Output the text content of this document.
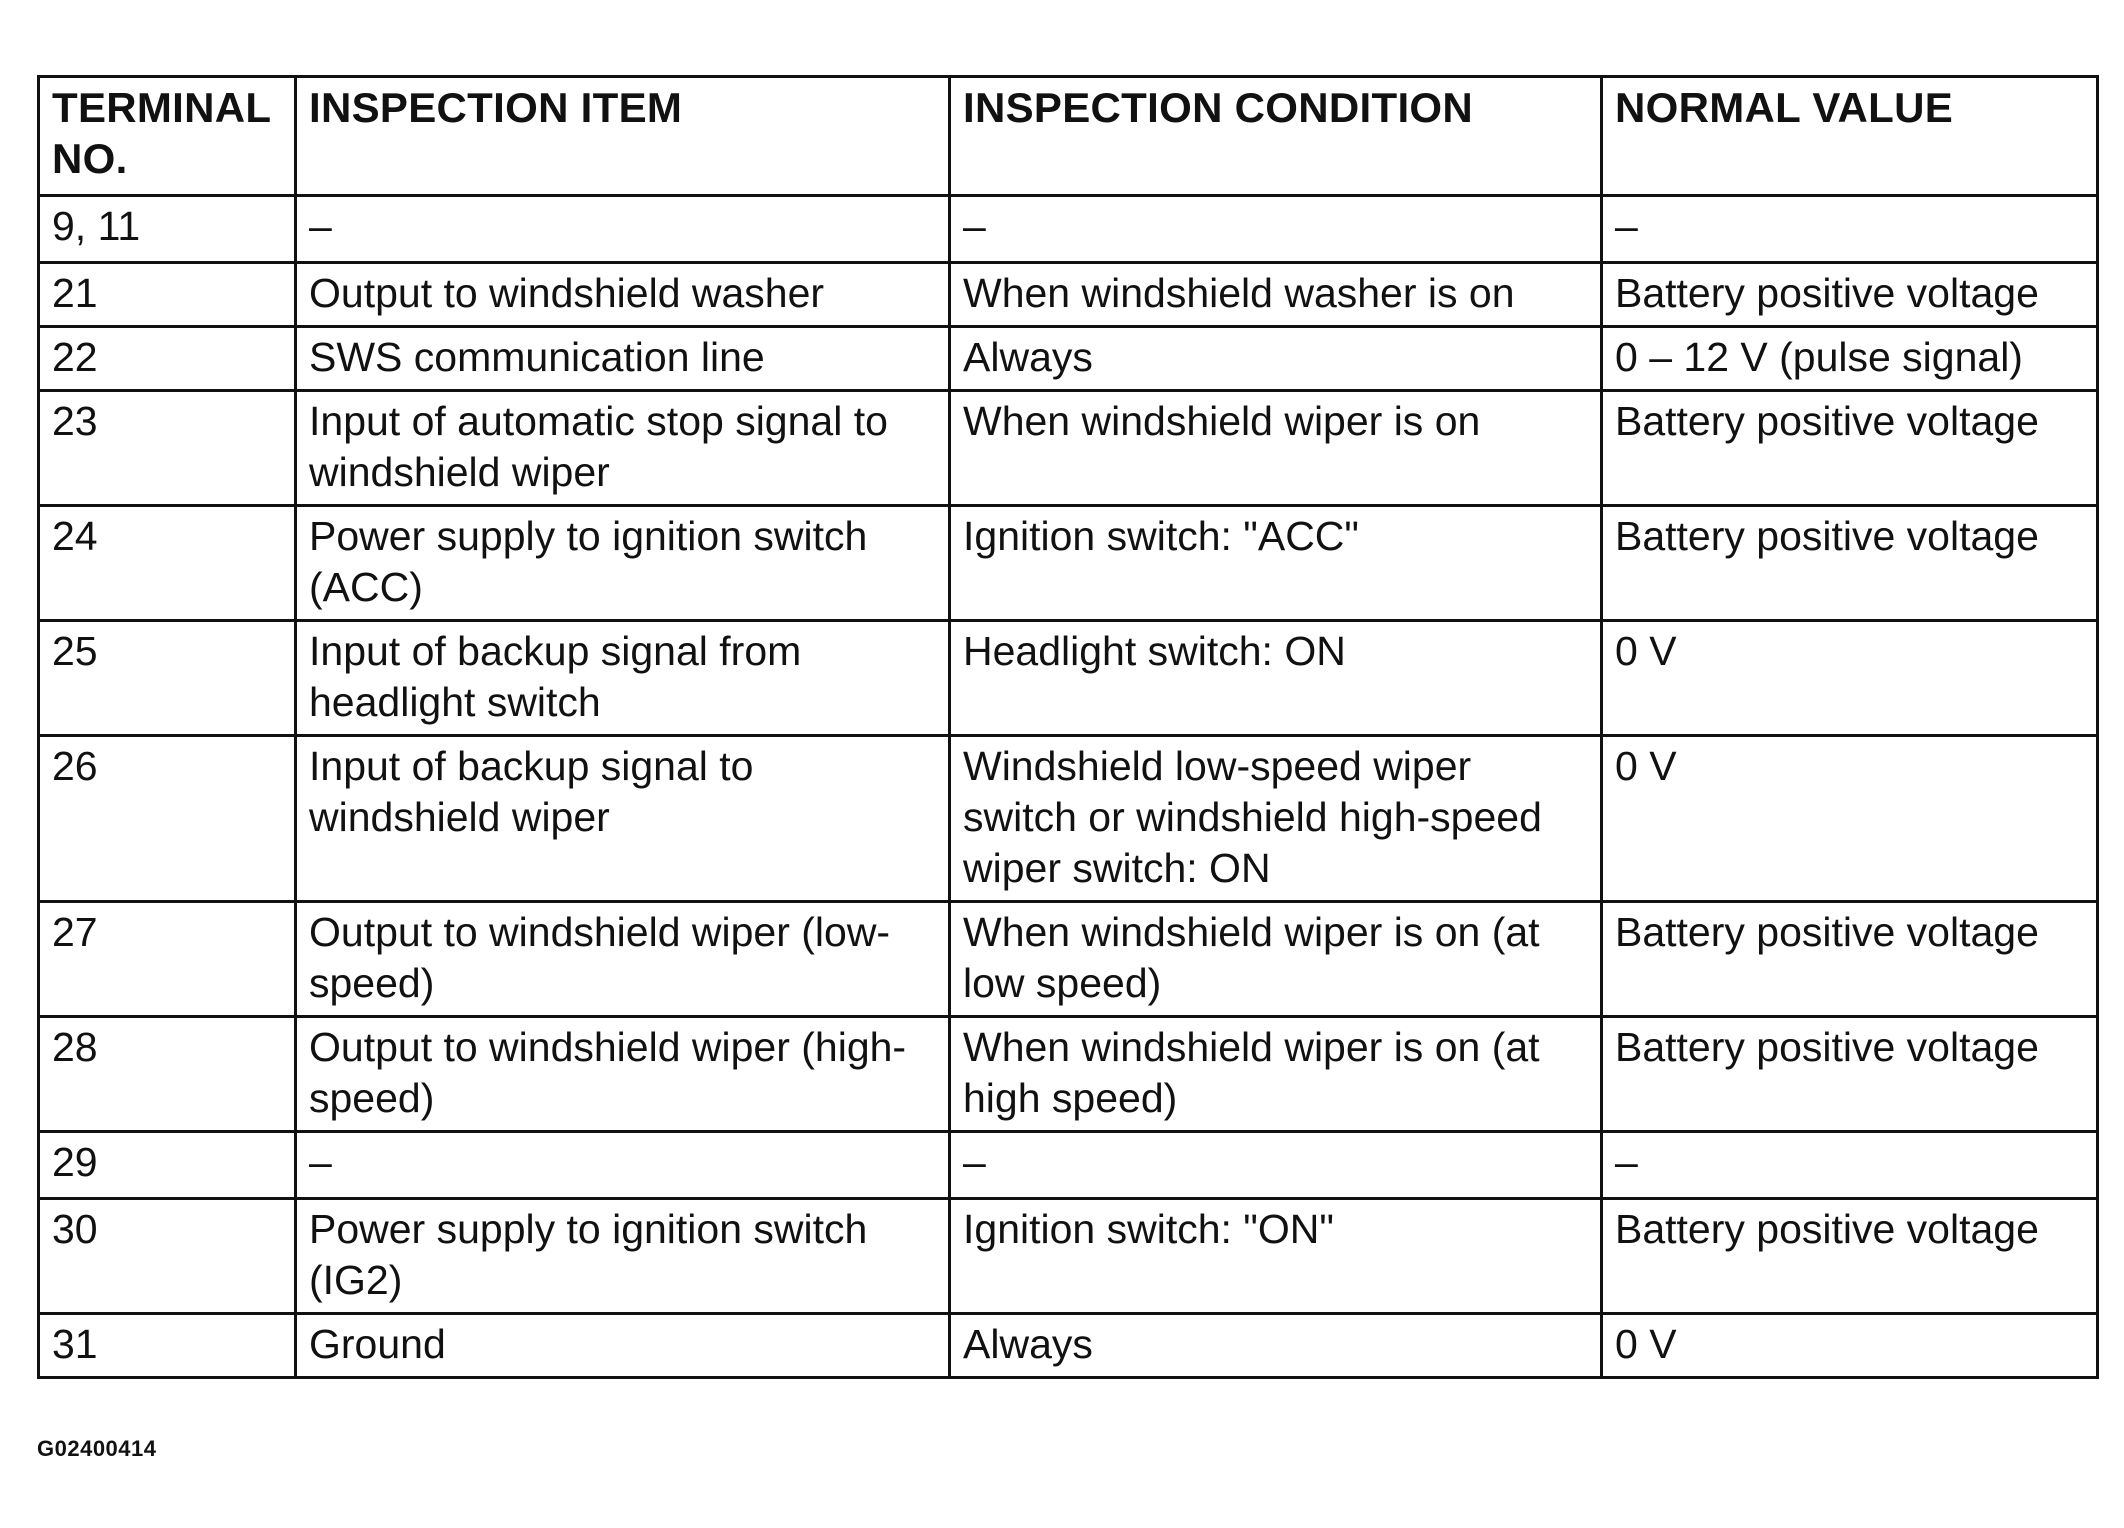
TERMINAL NO.	INSPECTION ITEM	INSPECTION CONDITION	NORMAL VALUE
9, 11	–	–	–
21	Output to windshield washer	When windshield washer is on	Battery positive voltage
22	SWS communication line	Always	0 – 12 V (pulse signal)
23	Input of automatic stop signal to windshield wiper	When windshield wiper is on	Battery positive voltage
24	Power supply to ignition switch (ACC)	Ignition switch: "ACC"	Battery positive voltage
25	Input of backup signal from headlight switch	Headlight switch: ON	0 V
26	Input of backup signal to windshield wiper	Windshield low-speed wiper switch or windshield high-speed wiper switch: ON	0 V
27	Output to windshield wiper (low-speed)	When windshield wiper is on (at low speed)	Battery positive voltage
28	Output to windshield wiper (high-speed)	When windshield wiper is on (at high speed)	Battery positive voltage
29	–	–	–
30	Power supply to ignition switch (IG2)	Ignition switch: "ON"	Battery positive voltage
31	Ground	Always	0 V
G02400414
